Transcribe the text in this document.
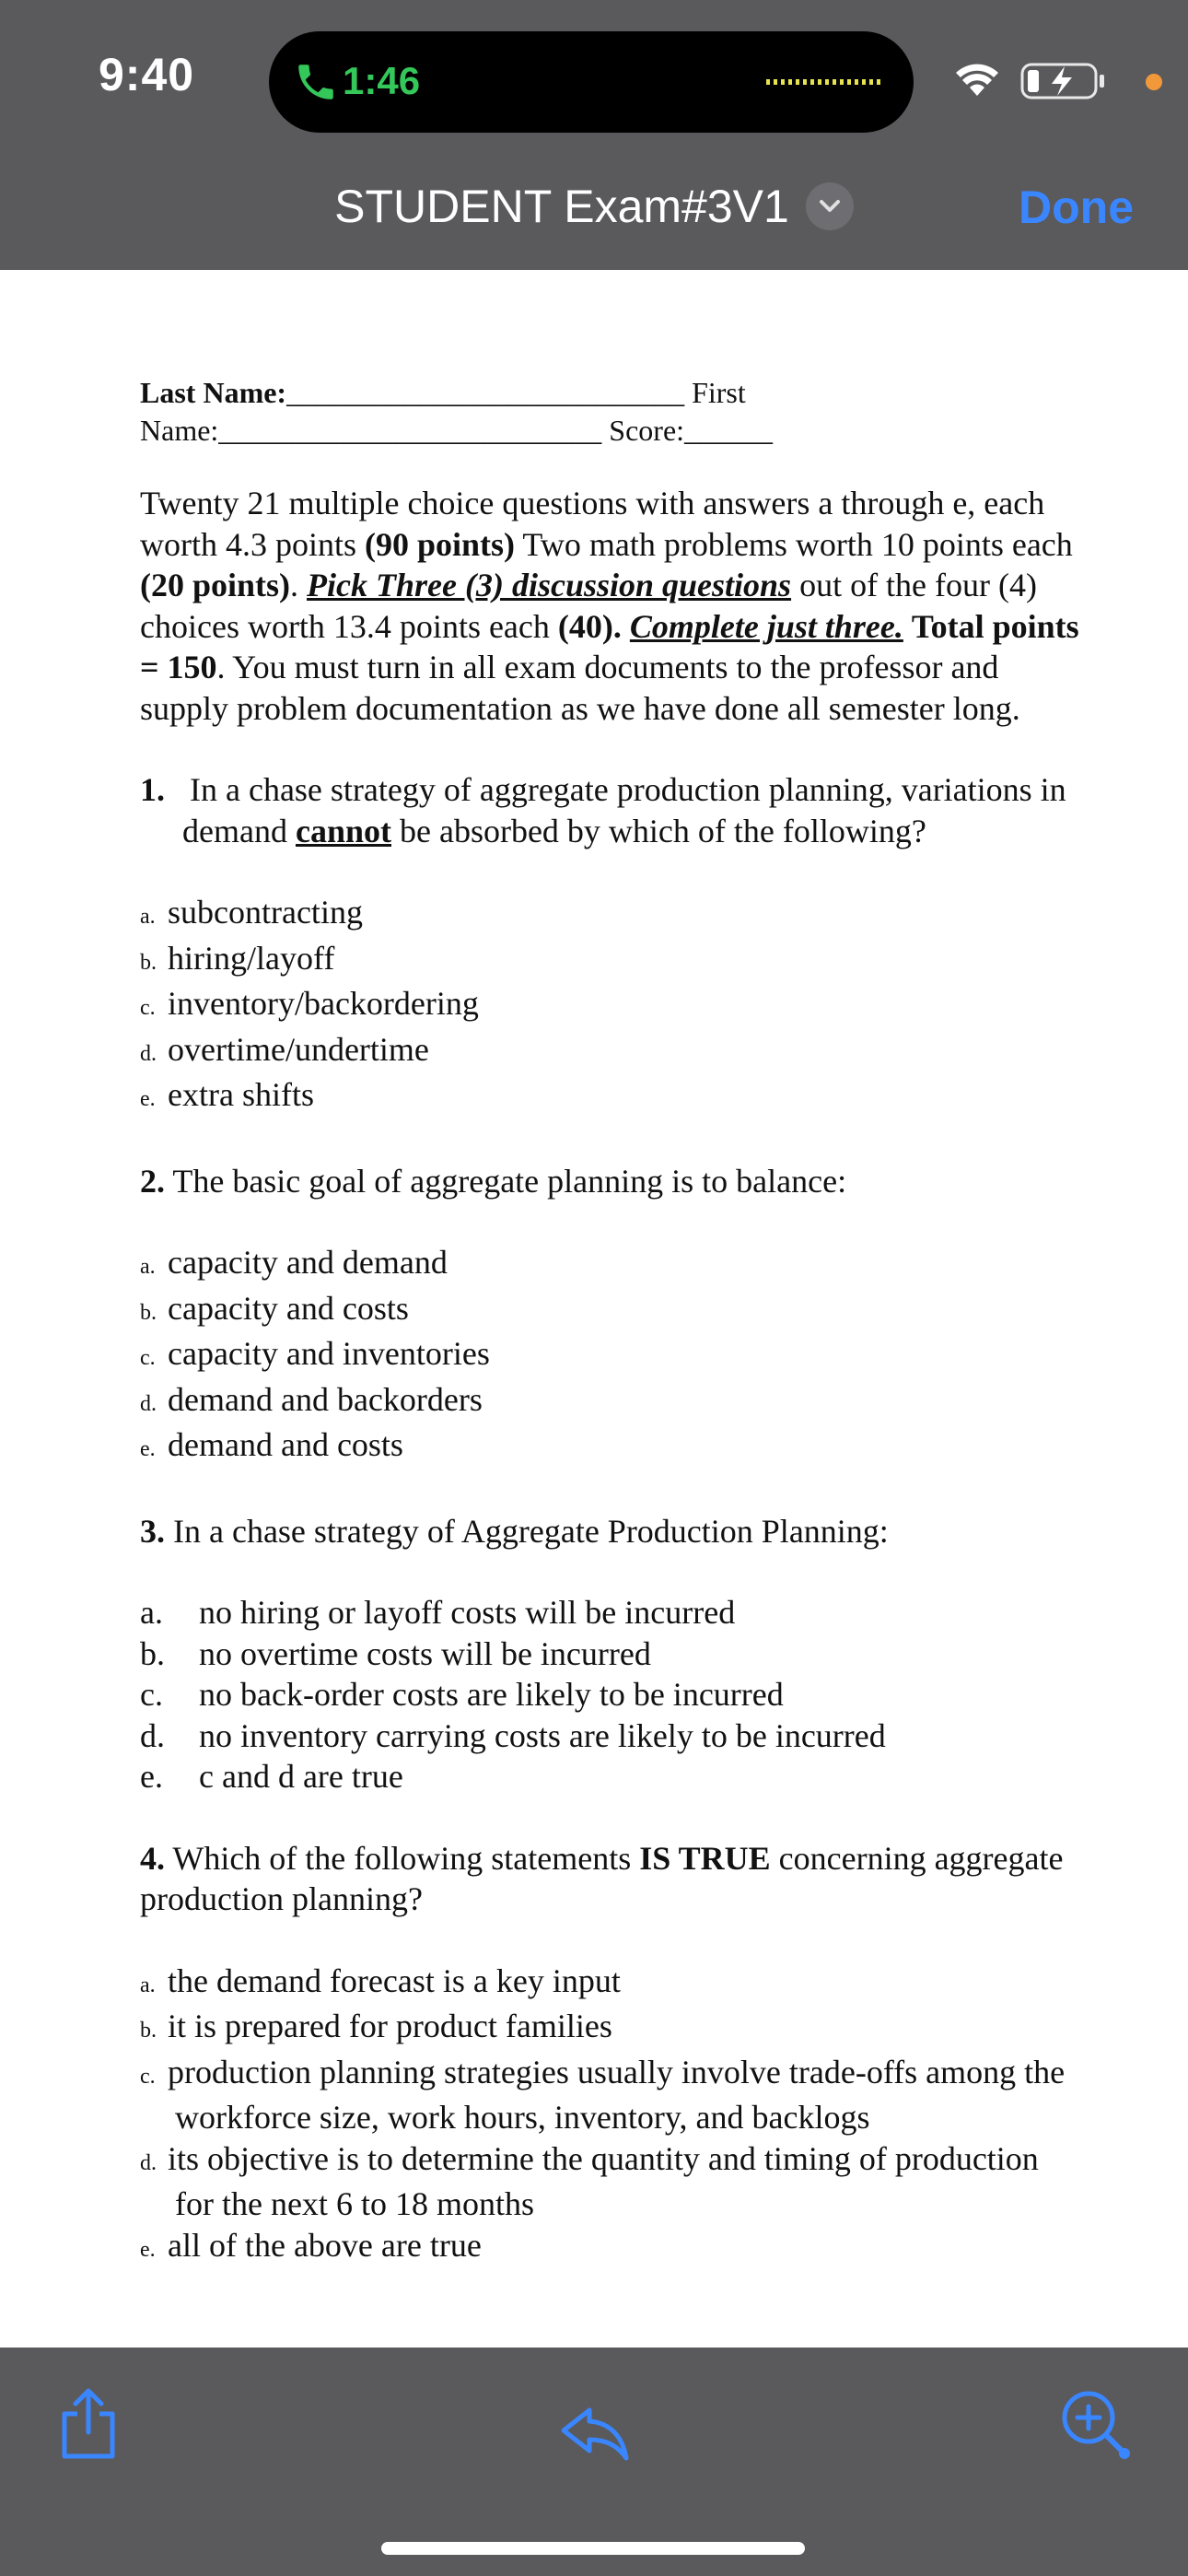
9:40	1:46
STUDENT Exam#3V1	Done

Last Name:___________________________ First
Name:__________________________ Score:______

Twenty 21 multiple choice questions with answers a through e, each worth 4.3 points (90 points) Two math problems worth 10 points each (20 points). Pick Three (3) discussion questions out of the four (4) choices worth 13.4 points each (40). Complete just three. Total points = 150. You must turn in all exam documents to the professor and supply problem documentation as we have done all semester long.

1.   In a chase strategy of aggregate production planning, variations in demand cannot be absorbed by which of the following?

a. subcontracting
b. hiring/layoff
c. inventory/backordering
d. overtime/undertime
e. extra shifts

2. The basic goal of aggregate planning is to balance:

a. capacity and demand
b. capacity and costs
c. capacity and inventories
d. demand and backorders
e. demand and costs

3. In a chase strategy of Aggregate Production Planning:

a. no hiring or layoff costs will be incurred
b. no overtime costs will be incurred
c. no back-order costs are likely to be incurred
d. no inventory carrying costs are likely to be incurred
e. c and d are true

4. Which of the following statements IS TRUE concerning aggregate production planning?

a. the demand forecast is a key input
b. it is prepared for product families
c. production planning strategies usually involve trade-offs among the workforce size, work hours, inventory, and backlogs
d. its objective is to determine the quantity and timing of production for the next 6 to 18 months
e. all of the above are true
